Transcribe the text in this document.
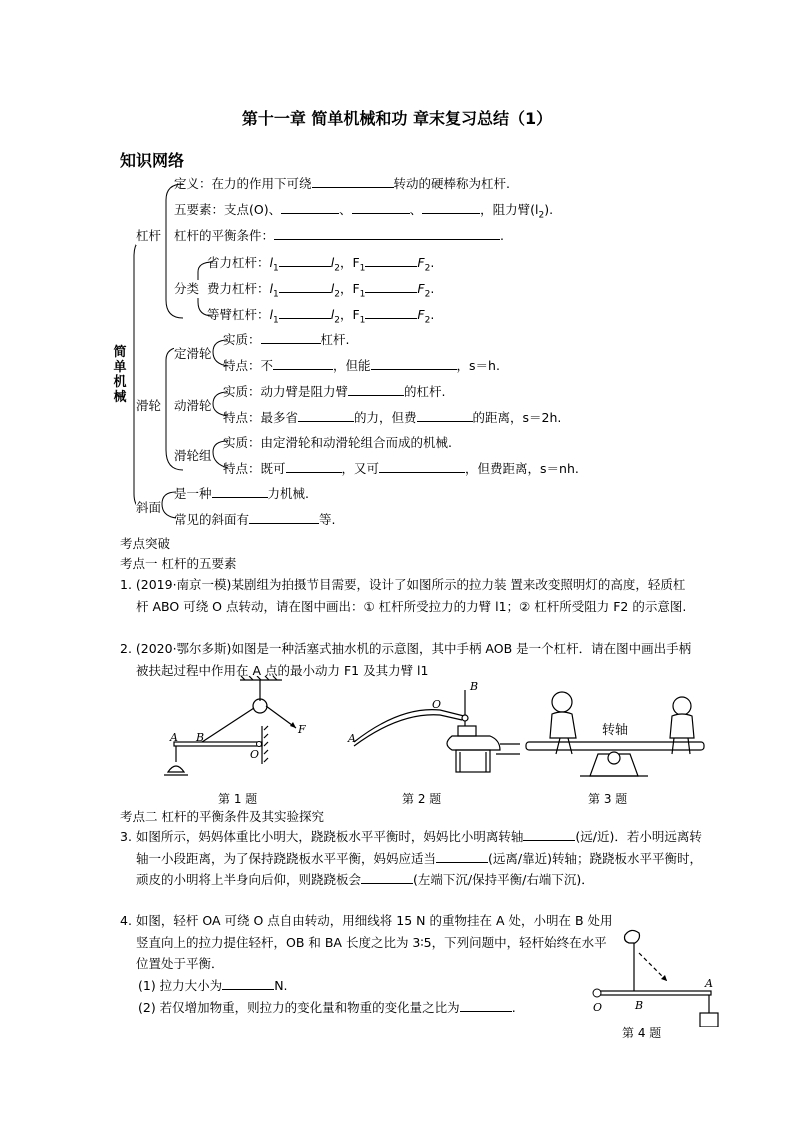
第十一章 简单机械和功 章末复习总结（1）
知识网络
简单机械
杠杆
定义：在力的作用下可绕	转动的硬棒称为杠杆.
五要素：支点(O)、	、	、	，阻力臂$(l_2)$.
杠杆的平衡条件：	.
分类
省力杠杆：$l_1$	$l_2$，$F_1$	$F_2$.
费力杠杆：$l_1$	$l_2$，$F_1$	$F_2$.
等臂杠杆：$l_1$	$l_2$，$F_1$	$F_2$.
滑轮
定滑轮
实质：	杠杆.
特点：不	，但能	，s＝h.
动滑轮
实质：动力臂是阻力臂	的杠杆.
特点：最多省	的力，但费	的距离，s＝2h.
滑轮组
实质：由定滑轮和动滑轮组合而成的机械.
特点：既可	，又可	，但费距离，s＝nh.
斜面
是一种	力机械.
常见的斜面有	等.
考点突破
考点一 杠杆的五要素
1. (2019·南京一模)某剧组为拍摄节目需要，设计了如图所示的拉力装 置来改变照明灯的高度，轻质杠杆 ABO 可绕 O 点转动，请在图中画出：① 杠杆所受拉力的力臂 l1；② 杠杆所受阻力 F2 的示意图.
2. (2020·鄂尔多斯)如图是一种活塞式抽水机的示意图，其中手柄 AOB 是一个杠杆．请在图中画出手柄被扶起过程中作用在 A 点的最小动力 F1 及其力臂 l1
A B
O
F
第 1 题
O
B
A
第 2 题
转轴
第 3 题
考点二 杠杆的平衡条件及其实验探究
3. 如图所示，妈妈体重比小明大，跷跷板水平平衡时，妈妈比小明离转轴	(远/近)．若小明远离转轴一小段距离，为了保持跷跷板水平平衡，妈妈应适当	(远离/靠近)转轴；跷跷板水平平衡时，顽皮的小明将上半身向后仰，则跷跷板会	(左端下沉/保持平衡/右端下沉)．
4. 如图，轻杆 OA 可绕 O 点自由转动，用细线将 15 N 的重物挂在 A 处，小明在 B 处用竖直向上的拉力提住轻杆，OB 和 BA 长度之比为 3∶5，下列问题中，轻杆始终在水平位置处于平衡．
(1) 拉力大小为	N.
(2) 若仅增加物重，则拉力的变化量和物重的变化量之比为	.	O	B
A
第 4 题
